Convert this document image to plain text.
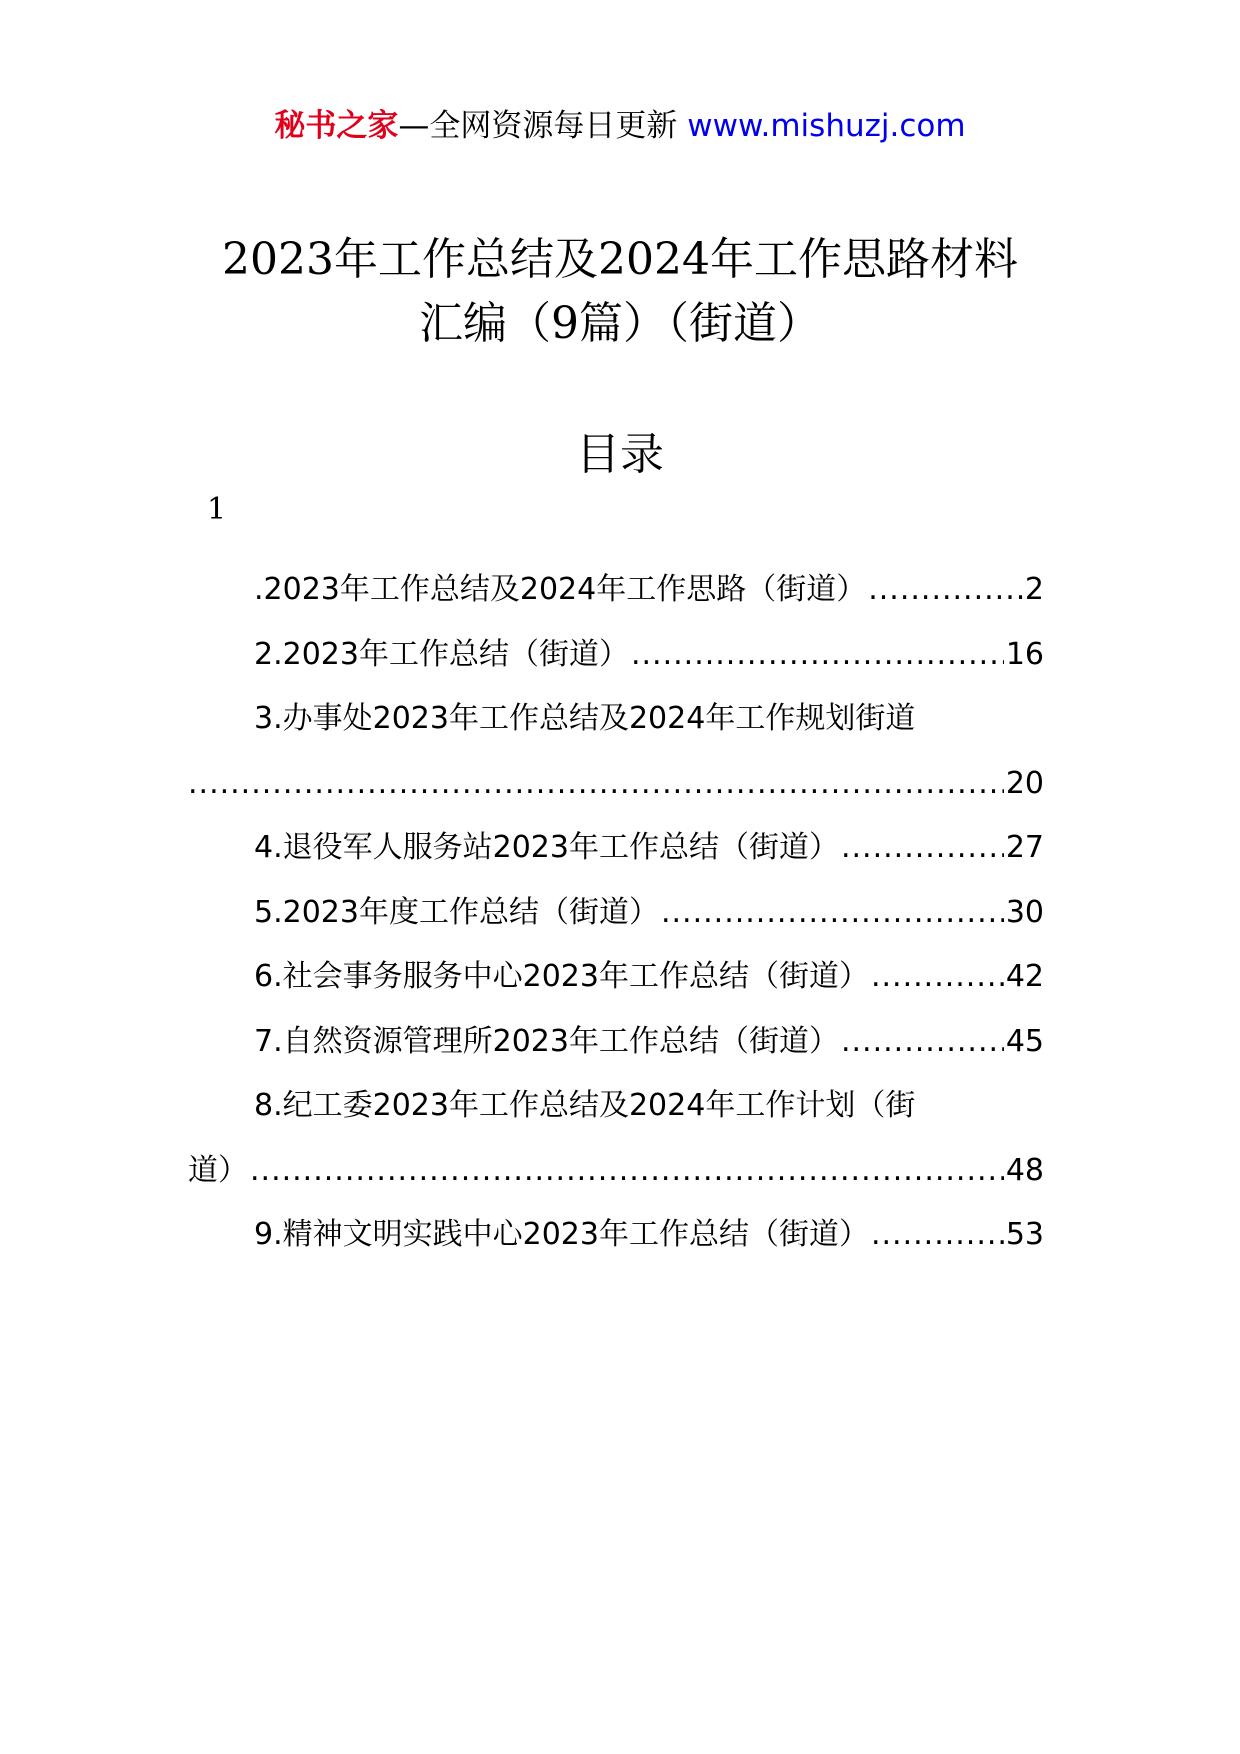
秘书之家—全网资源每日更新 www.mishuzj.com
2023年工作总结及2024年工作思路材料
汇编（9篇）（街道）
目录
1
.2023年工作总结及2024年工作思路（街道） .....	2
2.2023年工作总结（街道） .....	16
3.办事处2023年工作总结及2024年工作规划街道
.....
20
4.退役军人服务站2023年工作总结（街道） .....	27
5.2023年度工作总结（街道） .....	30
6.社会事务服务中心2023年工作总结（街道） .....	42
7.自然资源管理所2023年工作总结（街道） .....	45
8.纪工委2023年工作总结及2024年工作计划（街
道） .....	48
9.精神文明实践中心2023年工作总结（街道） .....	53
